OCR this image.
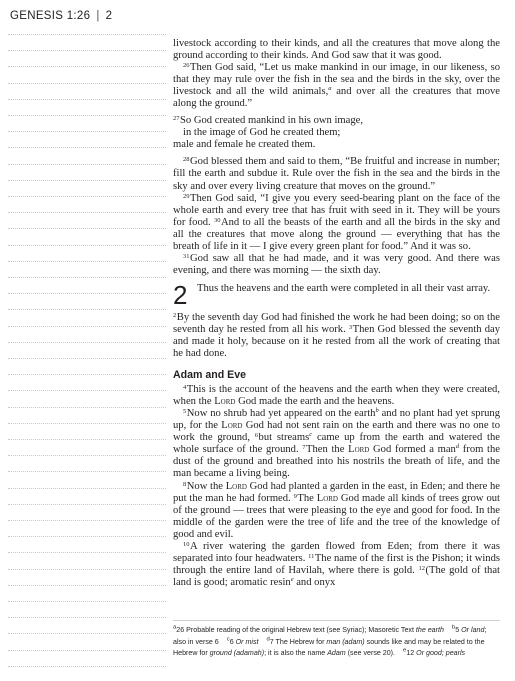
GENESIS 1:26 | 2

livestock according to their kinds, and all the creatures that move along the ground according to their kinds. And God saw that it was good.

$^{26}$Then God said, “Let us make mankind in our image, in our likeness, so that they may rule over the fish in the sea and the birds in the sky, over the livestock and all the wild animals,$^a$ and over all the creatures that move along the ground.”

$^{27}$So God created mankind in his own image,
in the image of God he created them;
male and female he created them.

$^{28}$God blessed them and said to them, “Be fruitful and increase in number; fill the earth and subdue it. Rule over the fish in the sea and the birds in the sky and over every living creature that moves on the ground.”

$^{29}$Then God said, “I give you every seed-bearing plant on the face of the whole earth and every tree that has fruit with seed in it. They will be yours for food. $^{30}$And to all the beasts of the earth and all the birds in the sky and all the creatures that move along the ground — everything that has the breath of life in it — I give every green plant for food.” And it was so.

$^{31}$God saw all that he had made, and it was very good. And there was evening, and there was morning — the sixth day.

2 Thus the heavens and the earth were completed in all their vast array.

$^2$By the seventh day God had finished the work he had been doing; so on the seventh day he rested from all his work. $^3$Then God blessed the seventh day and made it holy, because on it he rested from all the work of creating that he had done.

Adam and Eve

$^4$This is the account of the heavens and the earth when they were created, when the Lord God made the earth and the heavens.

$^5$Now no shrub had yet appeared on the earth$^b$ and no plant had yet sprung up, for the Lord God had not sent rain on the earth and there was no one to work the ground, $^6$but streams$^c$ came up from the earth and watered the whole surface of the ground. $^7$Then the Lord God formed a man$^d$ from the dust of the ground and breathed into his nostrils the breath of life, and the man became a living being.

$^8$Now the Lord God had planted a garden in the east, in Eden; and there he put the man he had formed. $^9$The Lord God made all kinds of trees grow out of the ground — trees that were pleasing to the eye and good for food. In the middle of the garden were the tree of life and the tree of the knowledge of good and evil.

$^{10}$A river watering the garden flowed from Eden; from there it was separated into four headwaters. $^{11}$The name of the first is the Pishon; it winds through the entire land of Havilah, where there is gold. $^{12}$(The gold of that land is good; aromatic resin$^e$ and onyx

$^a$26 Probable reading of the original Hebrew text (see Syriac); Masoretic Text the earth $^b$5 Or land; also in verse 6 $^c$6 Or mist $^d$7 The Hebrew for man (adam) sounds like and may be related to the Hebrew for ground (adamah); it is also the name Adam (see verse 20). $^e$12 Or good; pearls
